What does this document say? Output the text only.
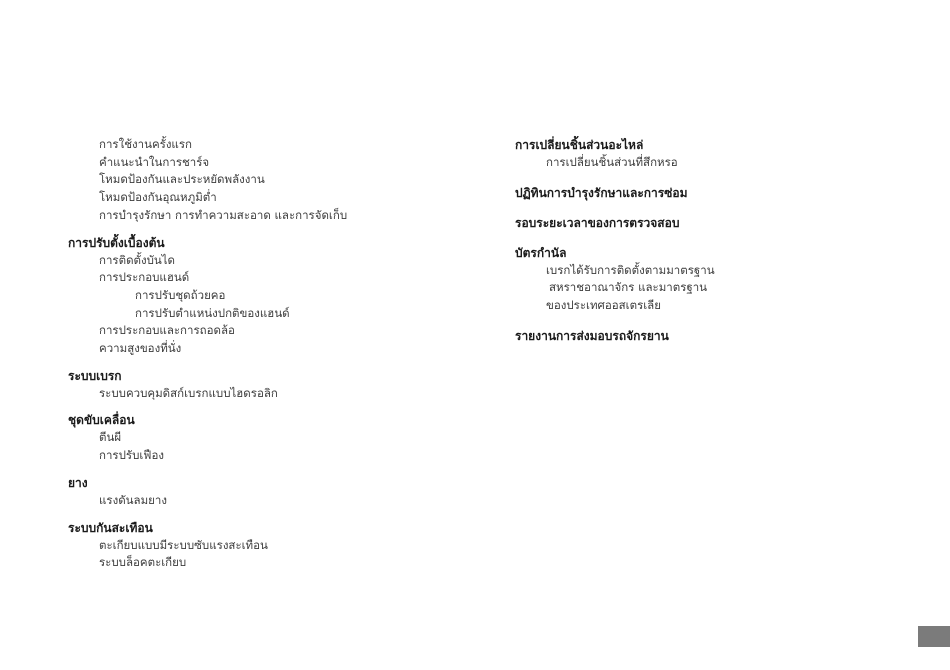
การใช้งานครั้งแรก

คำแนะนำในการชาร์จ

โหมดป้องกันและประหยัดพลังงาน

โหมดป้องกันอุณหภูมิต่ำ

การบำรุงรักษา การทำความสะอาด และการจัดเก็บ

การปรับตั้งเบื้องต้น

การติดตั้งบันได

การประกอบแฮนด์

การปรับชุดถ้วยคอ

การปรับตำแหน่งปกติของแฮนด์

การประกอบและการถอดล้อ

ความสูงของที่นั่ง

ระบบเบรก

ระบบควบคุมดิสก์เบรกแบบไฮดรอลิก

ชุดขับเคลื่อน

ตีนผี

การปรับเฟือง

ยาง

แรงดันลมยาง

ระบบกันสะเทือน

ตะเกียบแบบมีระบบซับแรงสะเทือน

ระบบล็อคตะเกียบ

การเปลี่ยนชิ้นส่วนอะไหล่

การเปลี่ยนชิ้นส่วนที่สึกหรอ

ปฏิทินการบำรุงรักษาและการซ่อม

รอบระยะเวลาของการตรวจสอบ

บัตรกำนัล

เบรกได้รับการติดตั้งตามมาตรฐาน

สหราชอาณาจักร และมาตรฐาน

ของประเทศออสเตรเลีย

รายงานการส่งมอบรถจักรยาน
